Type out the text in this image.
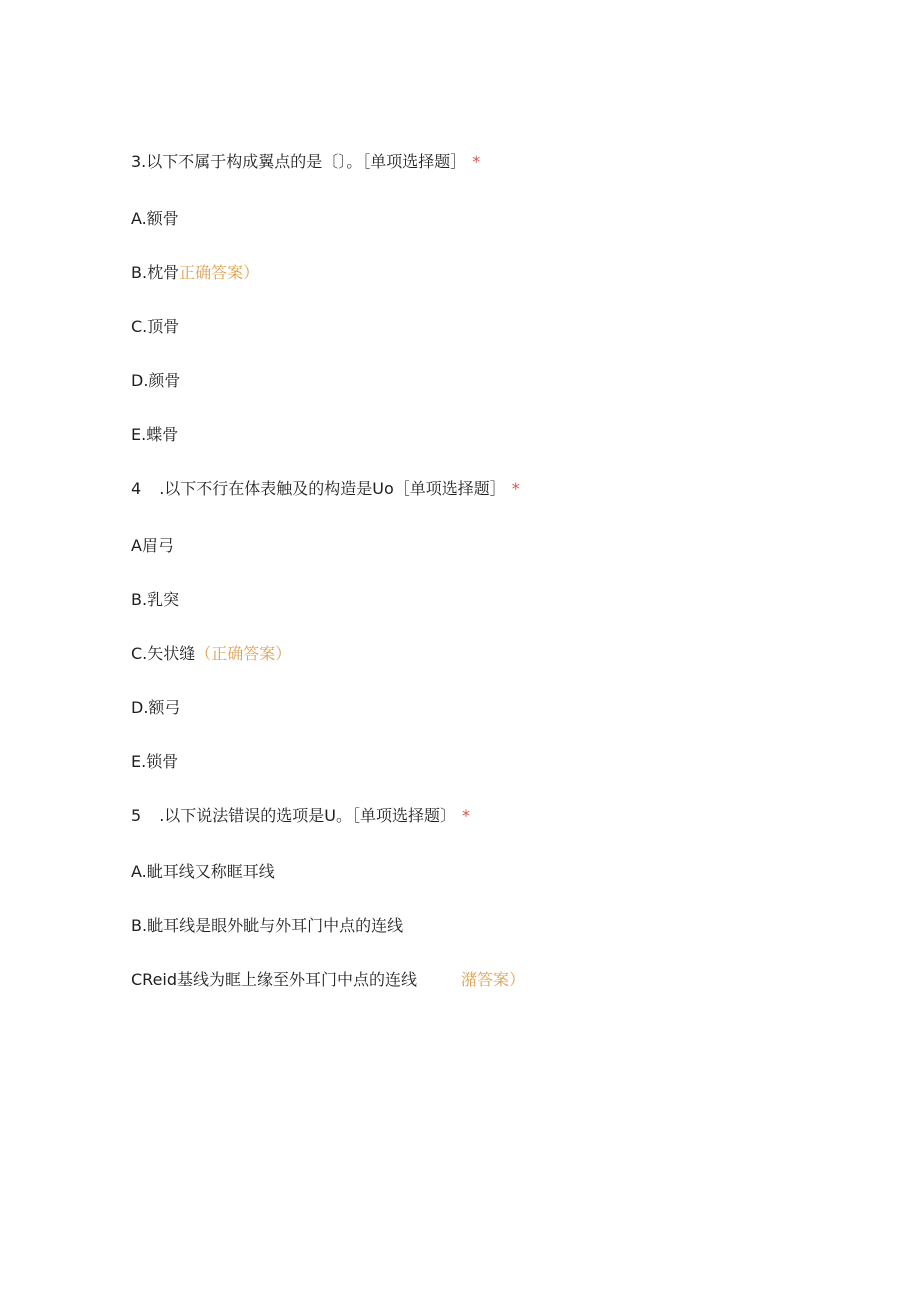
3.以下不属于构成翼点的是〔〕。［单项选择题］ *
A.额骨
B.枕骨正确答案）
C.顶骨
D.颜骨
E.蝶骨
4 .以下不行在体表触及的构造是Uo［单项选择题］ *
A眉弓
B.乳突
C.矢状缝（正确答案）
D.额弓
E.锁骨
5 .以下说法错误的选项是U。［单项选择题〕 *
A.眦耳线又称眶耳线
B.眦耳线是眼外眦与外耳门中点的连线
CReid基线为眶上缘至外耳门中点的连线	潴答案）
